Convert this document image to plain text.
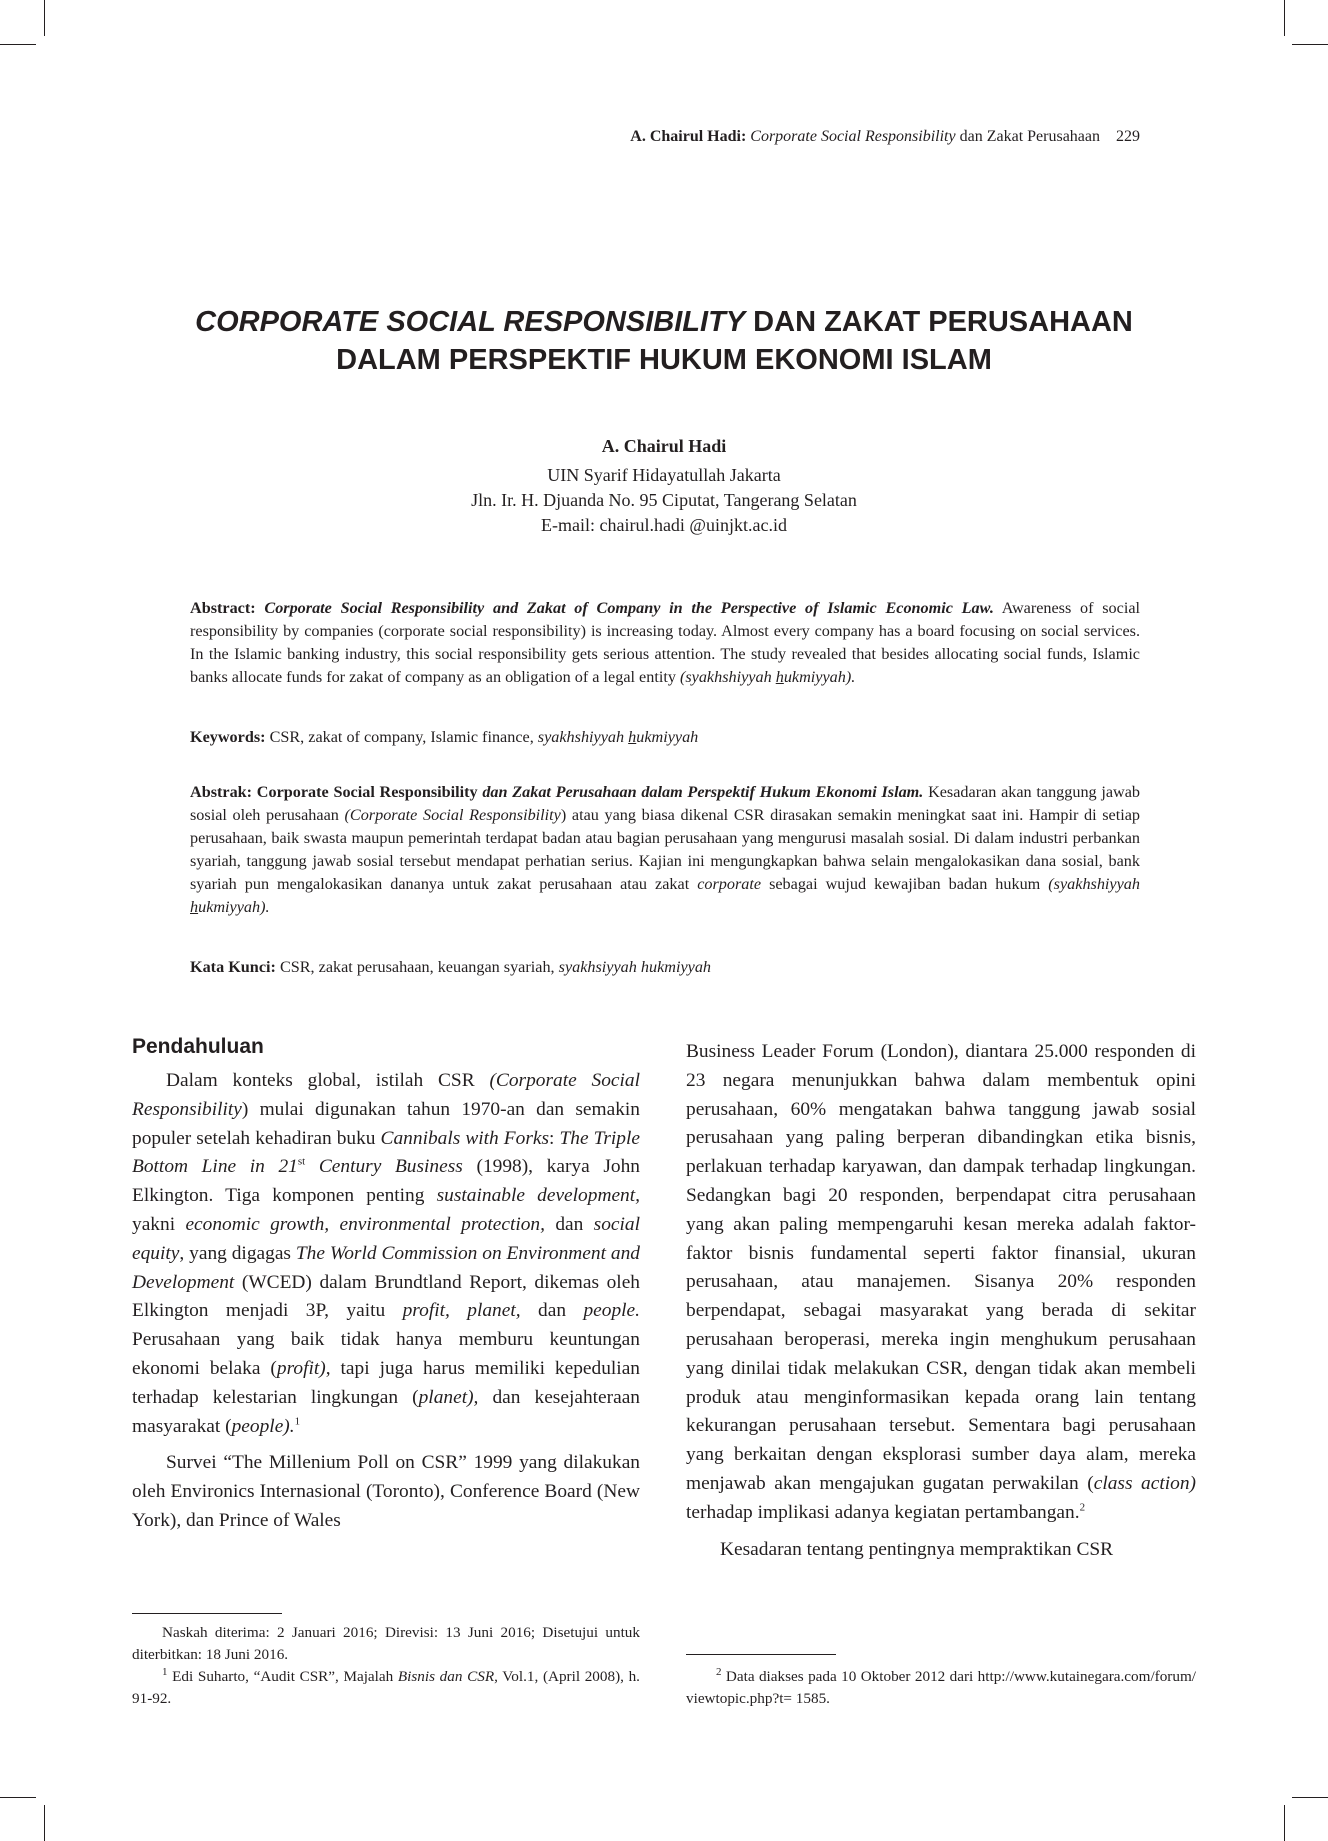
A. Chairul Hadi: Corporate Social Responsibility dan Zakat Perusahaan 229
CORPORATE SOCIAL RESPONSIBILITY DAN ZAKAT PERUSAHAAN
DALAM PERSPEKTIF HUKUM EKONOMI ISLAM
A. Chairul Hadi
UIN Syarif Hidayatullah Jakarta
Jln. Ir. H. Djuanda No. 95 Ciputat, Tangerang Selatan
E-mail: chairul.hadi @uinjkt.ac.id
Abstract: Corporate Social Responsibility and Zakat of Company in the Perspective of Islamic Economic Law. Awareness of social responsibility by companies (corporate social responsibility) is increasing today. Almost every company has a board focusing on social services. In the Islamic banking industry, this social responsibility gets serious attention. The study revealed that besides allocating social funds, Islamic banks allocate funds for zakat of company as an obligation of a legal entity (syakhshiyyah hukmiyyah).
Keywords: CSR, zakat of company, Islamic finance, syakhshiyyah hukmiyyah
Abstrak: Corporate Social Responsibility dan Zakat Perusahaan dalam Perspektif Hukum Ekonomi Islam. Kesadaran akan tanggung jawab sosial oleh perusahaan (Corporate Social Responsibility) atau yang biasa dikenal CSR dirasakan semakin meningkat saat ini. Hampir di setiap perusahaan, baik swasta maupun pemerintah terdapat badan atau bagian perusahaan yang mengurusi masalah sosial. Di dalam industri perbankan syariah, tanggung jawab sosial tersebut mendapat perhatian serius. Kajian ini mengungkapkan bahwa selain mengalokasikan dana sosial, bank syariah pun mengalokasikan dananya untuk zakat perusahaan atau zakat corporate sebagai wujud kewajiban badan hukum (syakhshiyyah hukmiyyah).
Kata Kunci: CSR, zakat perusahaan, keuangan syariah, syakhsiyyah hukmiyyah
Pendahuluan

Dalam konteks global, istilah CSR (Corporate Social Responsibility) mulai digunakan tahun 1970-an dan semakin populer setelah kehadiran buku Cannibals with Forks: The Triple Bottom Line in 21st Century Business (1998), karya John Elkington. Tiga komponen penting sustainable development, yakni economic growth, environmental protection, dan social equity, yang digagas The World Commission on Environment and Development (WCED) dalam Brundtland Report, dikemas oleh Elkington menjadi 3P, yaitu profit, planet, dan people. Perusahaan yang baik tidak hanya memburu keuntungan ekonomi belaka (profit), tapi juga harus memiliki kepedulian terhadap kelestarian lingkungan (planet), dan kesejahteraan masyarakat (people).$^1$

Survei “The Millenium Poll on CSR” 1999 yang dilakukan oleh Environics Internasional (Toronto), Conference Board (New York), dan Prince of Wales

Business Leader Forum (London), diantara 25.000 responden di 23 negara menunjukkan bahwa dalam membentuk opini perusahaan, 60% mengatakan bahwa tanggung jawab sosial perusahaan yang paling berperan dibandingkan etika bisnis, perlakuan terhadap karyawan, dan dampak terhadap lingkungan. Sedangkan bagi 20 responden, berpendapat citra perusahaan yang akan paling mempengaruhi kesan mereka adalah faktor-faktor bisnis fundamental seperti faktor finansial, ukuran perusahaan, atau manajemen. Sisanya 20% responden berpendapat, sebagai masyarakat yang berada di sekitar perusahaan beroperasi, mereka ingin menghukum perusahaan yang dinilai tidak melakukan CSR, dengan tidak akan membeli produk atau menginformasikan kepada orang lain tentang kekurangan perusahaan tersebut. Sementara bagi perusahaan yang berkaitan dengan eksplorasi sumber daya alam, mereka menjawab akan mengajukan gugatan perwakilan (class action) terhadap implikasi adanya kegiatan pertambangan.$^2$

Kesadaran tentang pentingnya mempraktikan CSR

Naskah diterima: 2 Januari 2016; Direvisi: 13 Juni 2016; Disetujui untuk diterbitkan: 18 Juni 2016.

$^1$ Edi Suharto, “Audit CSR”, Majalah Bisnis dan CSR, Vol.1, (April 2008), h. 91-92.

$^2$ Data diakses pada 10 Oktober 2012 dari http://www.kutainegara.com/forum/ viewtopic.php?t= 1585.
